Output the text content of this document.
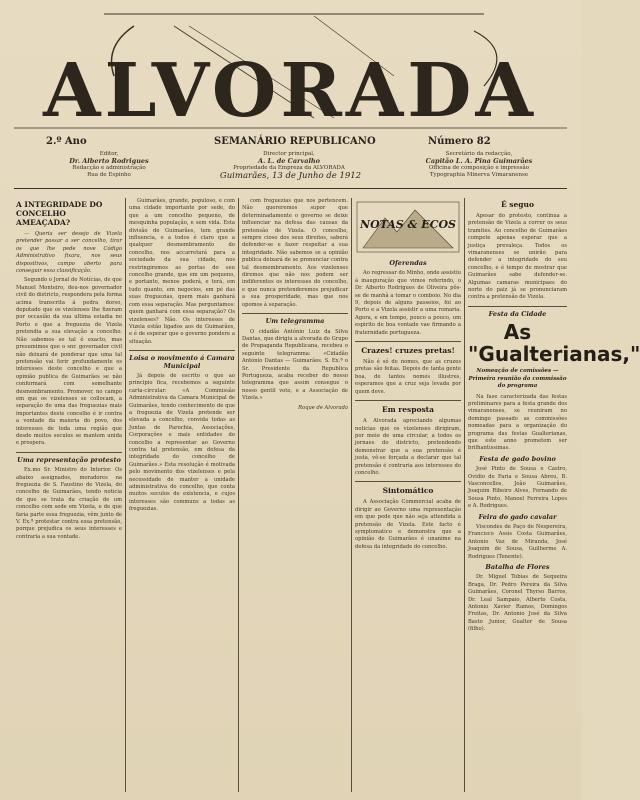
ALVORADA
2.º Ano	SEMANÁRIO REPUBLICANO	Número 82
Editor,
Dr. Alberto Rodrigues
Redacção e administração
Rua de Espinho
Director principal,
A. L. de Carvalho
Propriedade da Empreza da ALVORADA
Secretário da redacção,
Capitão L. A. Pina Guimarães
Officina de composição e impressão
Typographia Minerva Vimaranense
Guimarães, 13 de Junho de 1912
A INTEGRIDADE DO CONCELHO AMEAÇADA?

— Queria ser desejo de Vizela pretender passar a ser concelho, tirar os que lhe pede nove Código Administrativo fixara, nos seus dispositivos, campo aberto para conseguir essa classificação.

Segundo o Jornal de Notícias, de que Manuel Monteiro, deu-nos governador civil do districto, respondera pela forma acima transcrita á pedra dorso, deputado que os vizelenses lhe fizeram por occasião da sua ultima estadia no Porto e que a freguezia de Vizela pretendia a sua elevação a concelho. Não sabemos se tal é exacto, mas presumimos que o snr. governador civil não deixará de ponderar que uma tal pretensão vai ferir profundamente os interesses deste concelho e que a opinião publica de Guimarães se não conformará com semelhante desmembramento. Promover, no campo em que os vizelenses se collocam, a separação de uma das freguezias mais importantes deste concelho é ir contra a vontade da maioria do povo, dos interesses de toda uma região que desde muitos seculos se mantem unida e prospera.

Uma representação protesto

Ex.mo Sr. Ministro do Interior. Os abaixo assignados, moradores na freguezia de S. Faustino de Vizela, do concelho de Guimarães, tendo noticia de que se trata da criação de um concelho com sede em Vizela, e de que faria parte essa freguezia, vêm junto de V. Ex.ª protestar contra essa pretensão, porque prejudica os seus interesses e contraria a sua vontade.

Guimarães, grande, populoso, e com uma cidade importante por sede, do que a um concelho pequeno, de mesquinha população, e sem vida. Esta divisão de Guimarães, tem grande influencia, e a todos é claro que a qualquer desmembramento do concelho, nos accarretará para a sociedade da sua cidade, nos restringiremos as portas do seu concelho grande, que em um pequeno, e portanto, menos poderá, e terá, em tudo quanto, em negocios, em pé das suas freguezias, quem mais ganhará com essa separação. Mas perguntamos: quem ganhará com essa separação? Os vizelenses? Não. Os interesses de Vizela estão ligados aos de Guimarães, e é de esperar que o governo pondere a situação.

Loisa o movimento á Camara Municipal

Já depois de escrito o que ao principio fica, recebemos a seguinte carta-circular: «A Commissão Administrativa da Camara Municipal de Guimarães, tendo conhecimento de que a freguezia de Vizela pretende ser elevada a concelho, convida todas as Juntas de Parochia, Associações, Corporações e mais entidades do concelho a representar ao Governo contra tal pretensão, em defesa da integridade do concelho de Guimarães.» Esta resolução é motivada pelo movimento dos vizelenses e pela necessidade de manter a unidade administrativa do concelho, que conta muitos seculos de existencia, e cujos interesses são communs a todas as freguezias.

com freguezias que nos pertencem. Não quereremos supor que determinadamente o governo se deixe influenciar na defesa das causas da pretensão de Vizela. O concelho, sempre cioso dos seus direitos, saberá defender-se e fazer respeitar a sua integridade. Não sabemos se a opinião publica deixará de se pronunciar contra tal desmembramento. Aos vizelenses diremos que não nos podem ser indiferentes os interesses do concelho, e que nunca pretenderemos prejudicar a sua prosperidade, mas que nos opomos á separação.

Um telegramma

O cidadão António Luiz da Silva Dantas, que dirigiu a alvorada do Grupo de Propaganda Republicana, recebeu o seguinte telegramma: «Cidadão António Dantas — Guimarães. S. Ex.ª o Sr. Presidente da Republica Portugueza, acaba receber do nosso telegramma que assim consegue o nosso gentil voto, e a Associação de Vizela.»

Roque de Alvorada

NOTAS & ECOS
Oferendas

Ao regressar do Minho, onde assistiu á inauguração que vimos referindo, o Dr. Alberto Rodrigues de Oliveira pôs-se de manhã a tomar o comboio. No dia 9, depois de alguns passeios, foi ao Porto e a Vizela assistir a uma romaria. Agora, e em tempo, pouco a pouco, um espirito de boa vontade vae firmando a fraternidade portugueza.

Crazes! cruzes pretas!

Não é só de nomes, que as cruzes pretas são feitas. Depois de tanta gente boa, de tantos nomes illustres, esperamos que a cruz seja levada por quem deve.

Em resposta

A Alvorada apreciando algumas noticias que os vizelenses dirigiram, por meio de uma circular, a todos os jornaes do districto, pretendendo demonstrar que a sua pretensão é justa, vê-se forçada a declarar que tal pretensão é contraria aos interesses do concelho.

Sintomático

A Associação Commercial acaba de dirigir ao Governo uma representação em que pede que não seja attendida a pretensão de Vizela. Este facto é symptomatico e demonstra que a opinião de Guimarães é unanime na defesa da integridade do concelho.

É seguo

Apesar do protesto, continua a pretensão de Vizela a correr os seus tramites. Ao concelho de Guimarães compete apenas esperar que a justiça prevaleça. Todos os vimaranenses se unirão para defender a integridade do seu concelho, e é tempo de mostrar que Guimarães sabe defender-se. Algumas camaras municipaes do norte do paiz já se pronunciaram contra a pretensão de Vizela.

Festa da Cidade
As "Gualterianas,"
Nomeação de comissões — Primeira reunião da commissão do programa

Na fase caracterizada das festas preliminares para a festa grande dos vimaranenses, se reuniram no domingo passado as commissões nomeadas para a organização do programa das festas Gualterianas, que este anno prometem ser brilhantissimas.

Festa de gado bovino

José Pinto de Sousa e Castro, Ovidio de Faria e Sousa Abreu, B. Vasconcellos, João Guimarães, Joaquim Ribeiro Alves, Fernando de Sousa Pinto, Manoel Ferreira Lopes e A. Rodrigues.

Feira do gado cavalar

Viscondes de Paço de Nespereira, Francisco Assis Costa Guimarães, Antonio Vaz de Miranda, José Joaquim de Sousa, Guilherme A. Rodrigues (Tenente).

Batalha de Flores

Dr. Miguel Tobias de Sequeira Braga, Dr. Pedro Pereira da Silva Guimarães, Coronel Thyrso Barros, Dr. Leal Sampaio, Alberto Costa, Antonio Xavier Ramos, Domingos Freitas, Dr. Antonio José da Silva Basto Junior, Gualter de Sousa (filho).
